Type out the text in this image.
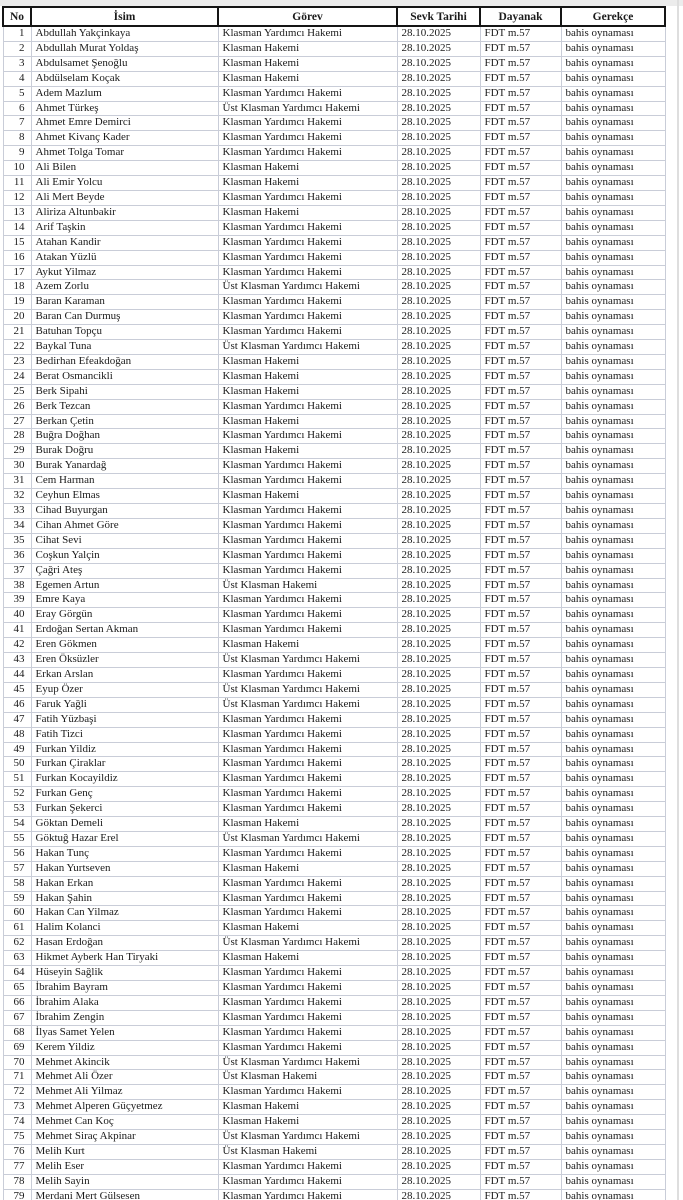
No	İsim	Görev	Sevk Tarihi	Dayanak	Gerekçe
1	Abdullah Yakçinkaya	Klasman Yardımcı Hakemi	28.10.2025	FDT m.57	bahis oynaması
2	Abdullah Murat Yoldaş	Klasman Hakemi	28.10.2025	FDT m.57	bahis oynaması
3	Abdulsamet Şenoğlu	Klasman Hakemi	28.10.2025	FDT m.57	bahis oynaması
4	Abdülselam Koçak	Klasman Hakemi	28.10.2025	FDT m.57	bahis oynaması
5	Adem Mazlum	Klasman Yardımcı Hakemi	28.10.2025	FDT m.57	bahis oynaması
6	Ahmet Türkeş	Üst Klasman Yardımcı Hakemi	28.10.2025	FDT m.57	bahis oynaması
7	Ahmet Emre Demirci	Klasman Yardımcı Hakemi	28.10.2025	FDT m.57	bahis oynaması
8	Ahmet Kivanç Kader	Klasman Yardımcı Hakemi	28.10.2025	FDT m.57	bahis oynaması
9	Ahmet Tolga Tomar	Klasman Yardımcı Hakemi	28.10.2025	FDT m.57	bahis oynaması
10	Ali Bilen	Klasman Hakemi	28.10.2025	FDT m.57	bahis oynaması
11	Ali Emir Yolcu	Klasman Hakemi	28.10.2025	FDT m.57	bahis oynaması
12	Ali Mert Beyde	Klasman Yardımcı Hakemi	28.10.2025	FDT m.57	bahis oynaması
13	Aliriza Altunbakir	Klasman Hakemi	28.10.2025	FDT m.57	bahis oynaması
14	Arif Taşkin	Klasman Yardımcı Hakemi	28.10.2025	FDT m.57	bahis oynaması
15	Atahan Kandir	Klasman Yardımcı Hakemi	28.10.2025	FDT m.57	bahis oynaması
16	Atakan Yüzlü	Klasman Yardımcı Hakemi	28.10.2025	FDT m.57	bahis oynaması
17	Aykut Yilmaz	Klasman Yardımcı Hakemi	28.10.2025	FDT m.57	bahis oynaması
18	Azem Zorlu	Üst Klasman Yardımcı Hakemi	28.10.2025	FDT m.57	bahis oynaması
19	Baran Karaman	Klasman Yardımcı Hakemi	28.10.2025	FDT m.57	bahis oynaması
20	Baran Can Durmuş	Klasman Yardımcı Hakemi	28.10.2025	FDT m.57	bahis oynaması
21	Batuhan Topçu	Klasman Yardımcı Hakemi	28.10.2025	FDT m.57	bahis oynaması
22	Baykal Tuna	Üst Klasman Yardımcı Hakemi	28.10.2025	FDT m.57	bahis oynaması
23	Bedirhan Efeakdoğan	Klasman Hakemi	28.10.2025	FDT m.57	bahis oynaması
24	Berat Osmancikli	Klasman Hakemi	28.10.2025	FDT m.57	bahis oynaması
25	Berk Sipahi	Klasman Hakemi	28.10.2025	FDT m.57	bahis oynaması
26	Berk Tezcan	Klasman Yardımcı Hakemi	28.10.2025	FDT m.57	bahis oynaması
27	Berkan Çetin	Klasman Hakemi	28.10.2025	FDT m.57	bahis oynaması
28	Buğra Doğhan	Klasman Yardımcı Hakemi	28.10.2025	FDT m.57	bahis oynaması
29	Burak Doğru	Klasman Hakemi	28.10.2025	FDT m.57	bahis oynaması
30	Burak Yanardağ	Klasman Yardımcı Hakemi	28.10.2025	FDT m.57	bahis oynaması
31	Cem Harman	Klasman Yardımcı Hakemi	28.10.2025	FDT m.57	bahis oynaması
32	Ceyhun Elmas	Klasman Hakemi	28.10.2025	FDT m.57	bahis oynaması
33	Cihad Buyurgan	Klasman Yardımcı Hakemi	28.10.2025	FDT m.57	bahis oynaması
34	Cihan Ahmet Göre	Klasman Yardımcı Hakemi	28.10.2025	FDT m.57	bahis oynaması
35	Cihat Sevi	Klasman Yardımcı Hakemi	28.10.2025	FDT m.57	bahis oynaması
36	Coşkun Yalçin	Klasman Yardımcı Hakemi	28.10.2025	FDT m.57	bahis oynaması
37	Çağri Ateş	Klasman Yardımcı Hakemi	28.10.2025	FDT m.57	bahis oynaması
38	Egemen Artun	Üst Klasman Hakemi	28.10.2025	FDT m.57	bahis oynaması
39	Emre Kaya	Klasman Yardımcı Hakemi	28.10.2025	FDT m.57	bahis oynaması
40	Eray Görgün	Klasman Yardımcı Hakemi	28.10.2025	FDT m.57	bahis oynaması
41	Erdoğan Sertan Akman	Klasman Yardımcı Hakemi	28.10.2025	FDT m.57	bahis oynaması
42	Eren Gökmen	Klasman Hakemi	28.10.2025	FDT m.57	bahis oynaması
43	Eren Öksüzler	Üst Klasman Yardımcı Hakemi	28.10.2025	FDT m.57	bahis oynaması
44	Erkan Arslan	Klasman Yardımcı Hakemi	28.10.2025	FDT m.57	bahis oynaması
45	Eyup Özer	Üst Klasman Yardımcı Hakemi	28.10.2025	FDT m.57	bahis oynaması
46	Faruk Yağli	Üst Klasman Yardımcı Hakemi	28.10.2025	FDT m.57	bahis oynaması
47	Fatih Yüzbaşi	Klasman Yardımcı Hakemi	28.10.2025	FDT m.57	bahis oynaması
48	Fatih Tizci	Klasman Yardımcı Hakemi	28.10.2025	FDT m.57	bahis oynaması
49	Furkan Yildiz	Klasman Yardımcı Hakemi	28.10.2025	FDT m.57	bahis oynaması
50	Furkan Çiraklar	Klasman Yardımcı Hakemi	28.10.2025	FDT m.57	bahis oynaması
51	Furkan Kocayildiz	Klasman Yardımcı Hakemi	28.10.2025	FDT m.57	bahis oynaması
52	Furkan Genç	Klasman Yardımcı Hakemi	28.10.2025	FDT m.57	bahis oynaması
53	Furkan Şekerci	Klasman Yardımcı Hakemi	28.10.2025	FDT m.57	bahis oynaması
54	Göktan Demeli	Klasman Hakemi	28.10.2025	FDT m.57	bahis oynaması
55	Göktuğ Hazar Erel	Üst Klasman Yardımcı Hakemi	28.10.2025	FDT m.57	bahis oynaması
56	Hakan Tunç	Klasman Yardımcı Hakemi	28.10.2025	FDT m.57	bahis oynaması
57	Hakan Yurtseven	Klasman Hakemi	28.10.2025	FDT m.57	bahis oynaması
58	Hakan Erkan	Klasman Yardımcı Hakemi	28.10.2025	FDT m.57	bahis oynaması
59	Hakan Şahin	Klasman Yardımcı Hakemi	28.10.2025	FDT m.57	bahis oynaması
60	Hakan Can Yilmaz	Klasman Yardımcı Hakemi	28.10.2025	FDT m.57	bahis oynaması
61	Halim Kolanci	Klasman Hakemi	28.10.2025	FDT m.57	bahis oynaması
62	Hasan Erdoğan	Üst Klasman Yardımcı Hakemi	28.10.2025	FDT m.57	bahis oynaması
63	Hikmet Ayberk Han Tiryaki	Klasman Hakemi	28.10.2025	FDT m.57	bahis oynaması
64	Hüseyin Sağlik	Klasman Yardımcı Hakemi	28.10.2025	FDT m.57	bahis oynaması
65	İbrahim Bayram	Klasman Yardımcı Hakemi	28.10.2025	FDT m.57	bahis oynaması
66	İbrahim Alaka	Klasman Yardımcı Hakemi	28.10.2025	FDT m.57	bahis oynaması
67	İbrahim Zengin	Klasman Yardımcı Hakemi	28.10.2025	FDT m.57	bahis oynaması
68	İlyas Samet Yelen	Klasman Yardımcı Hakemi	28.10.2025	FDT m.57	bahis oynaması
69	Kerem Yildiz	Klasman Yardımcı Hakemi	28.10.2025	FDT m.57	bahis oynaması
70	Mehmet Akincik	Üst Klasman Yardımcı Hakemi	28.10.2025	FDT m.57	bahis oynaması
71	Mehmet Ali Özer	Üst Klasman Hakemi	28.10.2025	FDT m.57	bahis oynaması
72	Mehmet Ali Yilmaz	Klasman Yardımcı Hakemi	28.10.2025	FDT m.57	bahis oynaması
73	Mehmet Alperen Güçyetmez	Klasman Hakemi	28.10.2025	FDT m.57	bahis oynaması
74	Mehmet Can Koç	Klasman Hakemi	28.10.2025	FDT m.57	bahis oynaması
75	Mehmet Siraç Akpinar	Üst Klasman Yardımcı Hakemi	28.10.2025	FDT m.57	bahis oynaması
76	Melih Kurt	Üst Klasman Hakemi	28.10.2025	FDT m.57	bahis oynaması
77	Melih Eser	Klasman Yardımcı Hakemi	28.10.2025	FDT m.57	bahis oynaması
78	Melih Sayin	Klasman Yardımcı Hakemi	28.10.2025	FDT m.57	bahis oynaması
79	Merdani Mert Gülsesen	Klasman Yardımcı Hakemi	28.10.2025	FDT m.57	bahis oynaması
